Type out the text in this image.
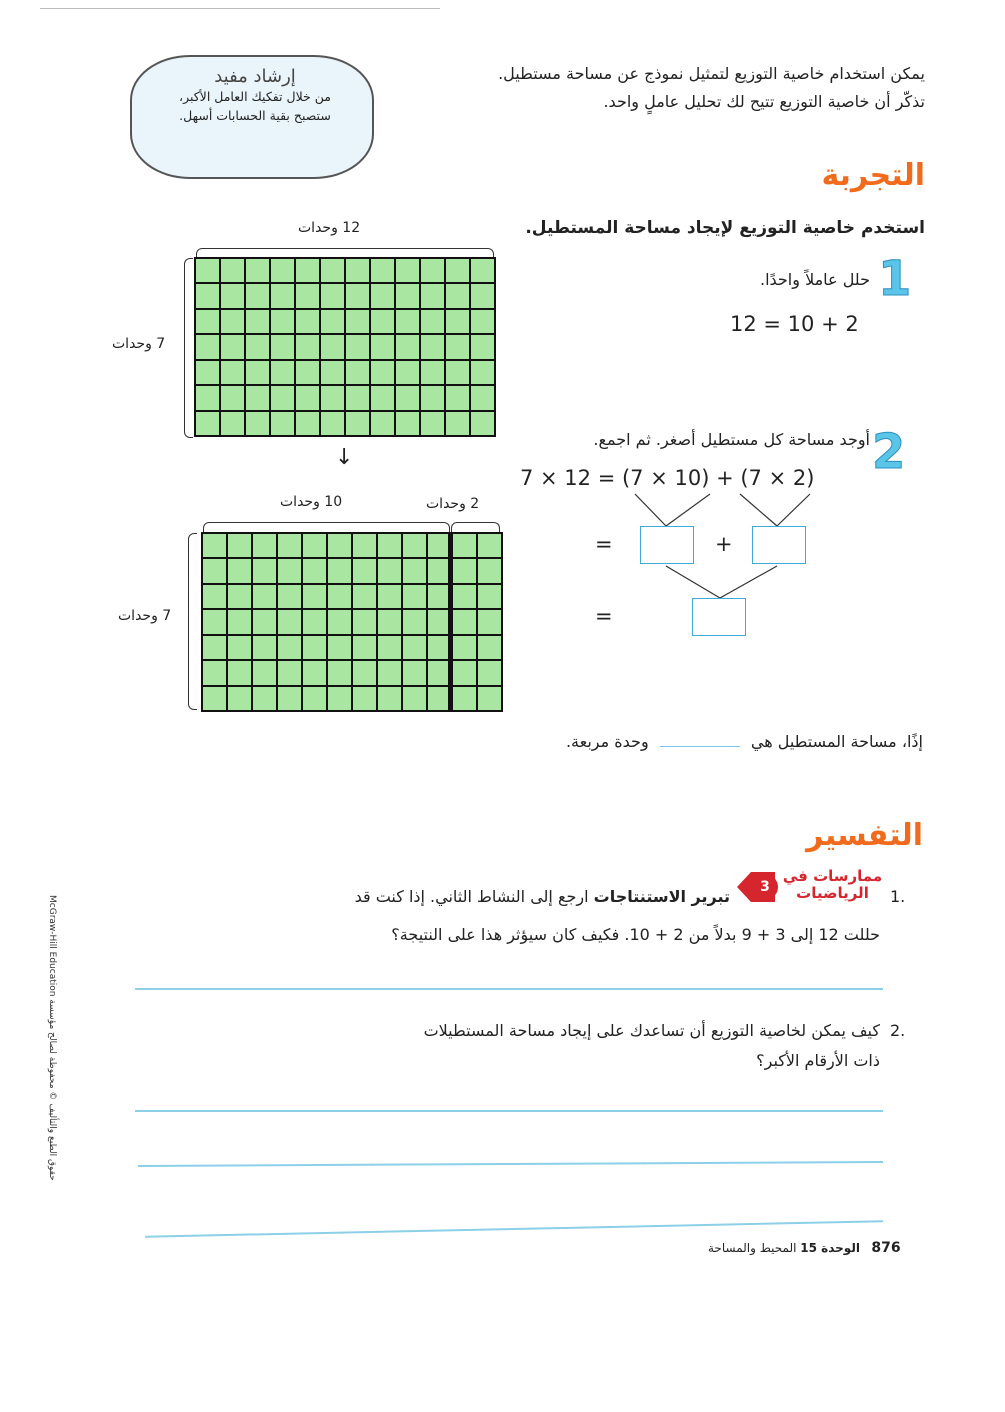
يمكن استخدام خاصية التوزيع لتمثيل نموذج عن مساحة مستطيل.
تذكّر أن خاصية التوزيع تتيح لك تحليل عاملٍ واحد.
إرشاد مفيد
من خلال تفكيك العامل الأكبر،
ستصبح بقية الحسابات أسهل.
التجربة
استخدم خاصية التوزيع لإيجاد مساحة المستطيل.
1
حلل عاملاً واحدًا.
12 = 10 + 2
2
أوجد مساحة كل مستطيل أصغر. ثم اجمع.
7 × 12 = (7 × 10) + (7 × 2)
=	+
=
12 وحدات
7 وحدات
↓
10 وحدات	2 وحدات
7 وحدات
إذًا، مساحة المستطيل هي  وحدة مربعة.
التفسير
ممارسات في
الرياضيات
3	1.
تبرير الاستنتاجات ارجع إلى النشاط الثاني. إذا كنت قد
حللت 12 إلى 3 + 9 بدلاً من 2 + 10. فكيف كان سيؤثر هذا على النتيجة؟
2.
كيف يمكن لخاصية التوزيع أن تساعدك على إيجاد مساحة المستطيلات
ذات الأرقام الأكبر؟
876   الوحدة 15 المحيط والمساحة
McGraw-Hill Education حقوق الطبع والتأليف © محفوظة لصالح مؤسسة
